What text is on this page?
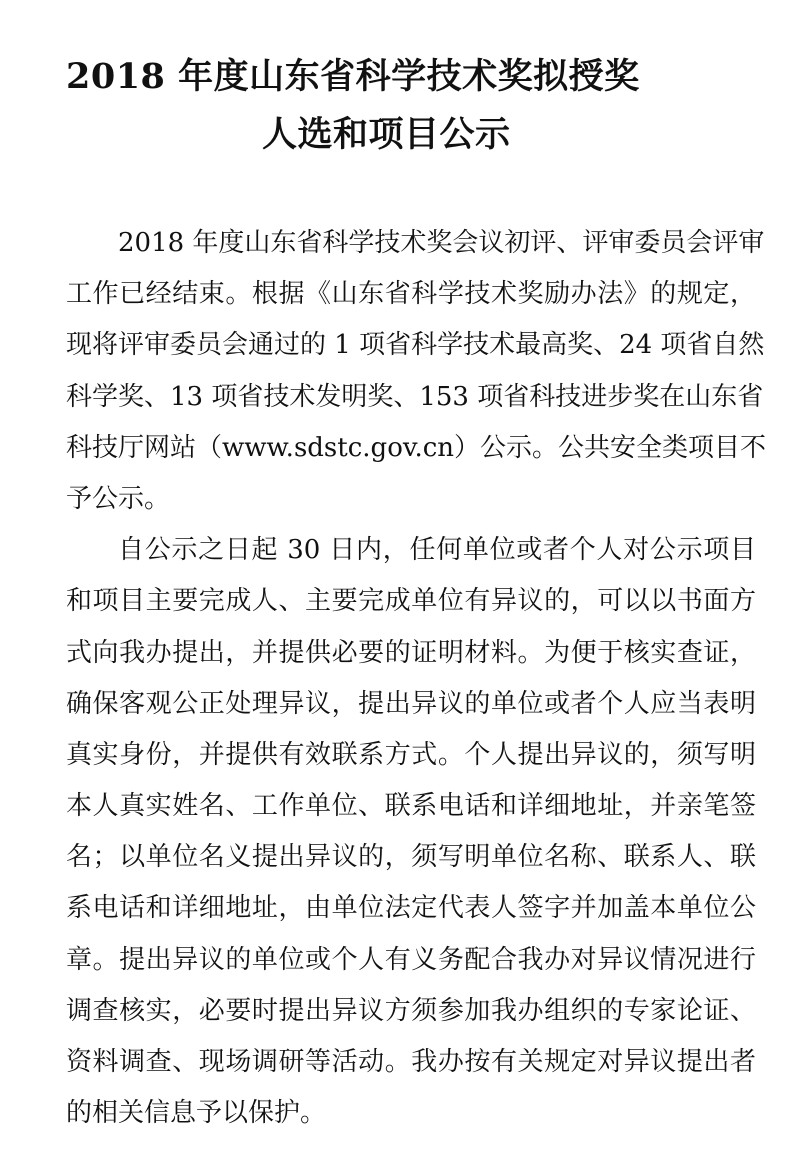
2018 年度山东省科学技术奖拟授奖
人选和项目公示
2018 年度山东省科学技术奖会议初评、评审委员会评审
工作已经结束。根据《山东省科学技术奖励办法》的规定，
现将评审委员会通过的 1 项省科学技术最高奖、24 项省自然
科学奖、13 项省技术发明奖、153 项省科技进步奖在山东省
科技厅网站（www.sdstc.gov.cn）公示。公共安全类项目不
予公示。
自公示之日起 30 日内，任何单位或者个人对公示项目
和项目主要完成人、主要完成单位有异议的，可以以书面方
式向我办提出，并提供必要的证明材料。为便于核实查证，
确保客观公正处理异议，提出异议的单位或者个人应当表明
真实身份，并提供有效联系方式。个人提出异议的，须写明
本人真实姓名、工作单位、联系电话和详细地址，并亲笔签
名；以单位名义提出异议的，须写明单位名称、联系人、联
系电话和详细地址，由单位法定代表人签字并加盖本单位公
章。提出异议的单位或个人有义务配合我办对异议情况进行
调查核实，必要时提出异议方须参加我办组织的专家论证、
资料调查、现场调研等活动。我办按有关规定对异议提出者
的相关信息予以保护。
